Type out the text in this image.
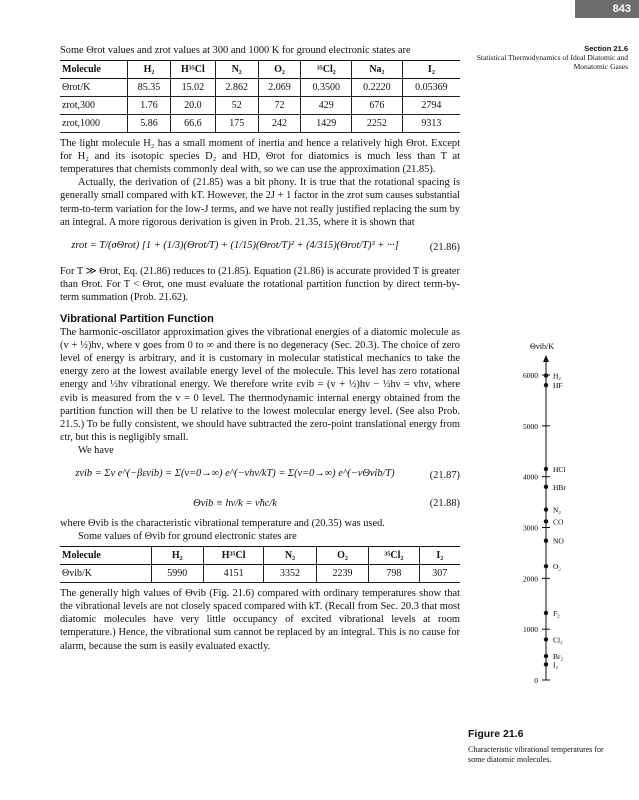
843
Section 21.6
Statistical Thermodynamics of Ideal Diatomic and Monatomic Gases

Some Θrot values and zrot values at 300 and 1000 K for ground electronic states are

Molecule	H₂	H³⁵Cl	N₂	O₂	³⁵Cl₂	Na₂	I₂
Θrot/K	85.35	15.02	2.862	2.069	0.3500	0.2220	0.05369
zrot,300	1.76	20.0	52	72	429	676	2794
zrot,1000	5.86	66.6	175	242	1429	2252	9313

The light molecule H₂ has a small moment of inertia and hence a relatively high Θrot. Except for H₂ and its isotopic species D₂ and HD, Θrot for diatomics is much less than T at temperatures that chemists commonly deal with, so we can use the approximation (21.85).

Actually, the derivation of (21.85) was a bit phony. It is true that the rotational spacing is generally small compared with kT. However, the 2J + 1 factor in the zrot sum causes substantial term-to-term variation for the low-J terms, and we have not really justified replacing the sum by an integral. A more rigorous derivation is given in Prob. 21.35, where it is shown that

zrot = T/(σΘrot) [1 + (1/3)(Θrot/T) + (1/15)(Θrot/T)² + (4/315)(Θrot/T)³ + ···]	(21.86)

For T ≫ Θrot, Eq. (21.86) reduces to (21.85). Equation (21.86) is accurate provided T is greater than Θrot. For T < Θrot, one must evaluate the rotational partition function by direct term-by-term summation (Prob. 21.62).

Vibrational Partition Function

The harmonic-oscillator approximation gives the vibrational energies of a diatomic molecule as (v + ½)hν, where v goes from 0 to ∞ and there is no degeneracy (Sec. 20.3). The choice of zero level of energy is arbitrary, and it is customary in molecular statistical mechanics to take the energy zero at the lowest available energy level of the molecule. This level has zero rotational energy and ½hν vibrational energy. We therefore write εvib = (v + ½)hν − ½hν = vhν, where εvib is measured from the v = 0 level. The thermodynamic internal energy obtained from the partition function will then be U relative to the lowest molecular energy level. (See also Prob. 21.5.) To be fully consistent, we should have subtracted the zero-point translational energy from εtr, but this is negligibly small.

We have

zvib = Σv e^(−βεvib) = Σ(v=0→∞) e^(−vhν/kT) = Σ(v=0→∞) e^(−vΘvib/T)	(21.87)
Θvib ≡ hν/k = ν̃hc/k	(21.88)

where Θvib is the characteristic vibrational temperature and (20.35) was used.

Some values of Θvib for ground electronic states are

Molecule	H₂	H³⁵Cl	N₂	O₂	³⁵Cl₂	I₂
Θvib/K	5990	4151	3352	2239	798	307

The generally high values of Θvib (Fig. 21.6) compared with ordinary temperatures show that the vibrational levels are not closely spaced compared with kT. (Recall from Sec. 20.3 that most diatomic molecules have very little occupancy of excited vibrational levels at room temperature.) Hence, the vibrational sum cannot be replaced by an integral. This is no cause for alarm, because the sum is easily evaluated exactly.

Θvib/K
0
1000
2000
3000
4000
5000
6000 H₂
HF
HCl
HBr
N₂
CO
NO
O₂
F₂
Cl₂
Br₂
I₂
Figure 21.6
Characteristic vibrational temperatures for some diatomic molecules.
